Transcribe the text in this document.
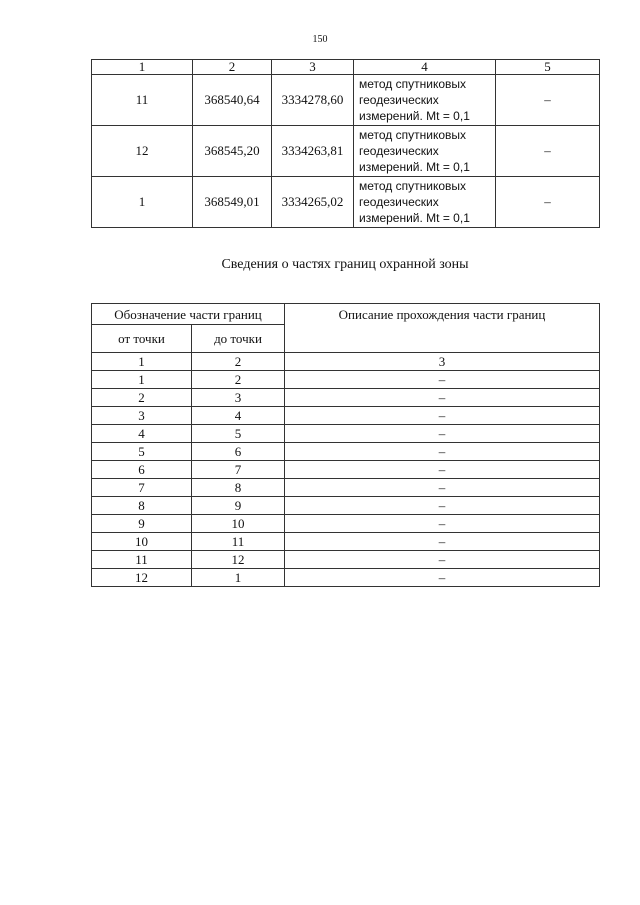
150
1	2	3	4	5
11	368540,64	3334278,60	метод спутниковых
геодезических
измерений. Mt = 0,1	–
12	368545,20	3334263,81	метод спутниковых
геодезических
измерений. Mt = 0,1	–
1	368549,01	3334265,02	метод спутниковых
геодезических
измерений. Mt = 0,1	–
Сведения о частях границ охранной зоны
Обозначение части границ		Описание прохождения части границ
от точки	до точки	
1	2	3
1	2	–
2	3	–
3	4	–
4	5	–
5	6	–
6	7	–
7	8	–
8	9	–
9	10	–
10	11	–
11	12	–
12	1	–
